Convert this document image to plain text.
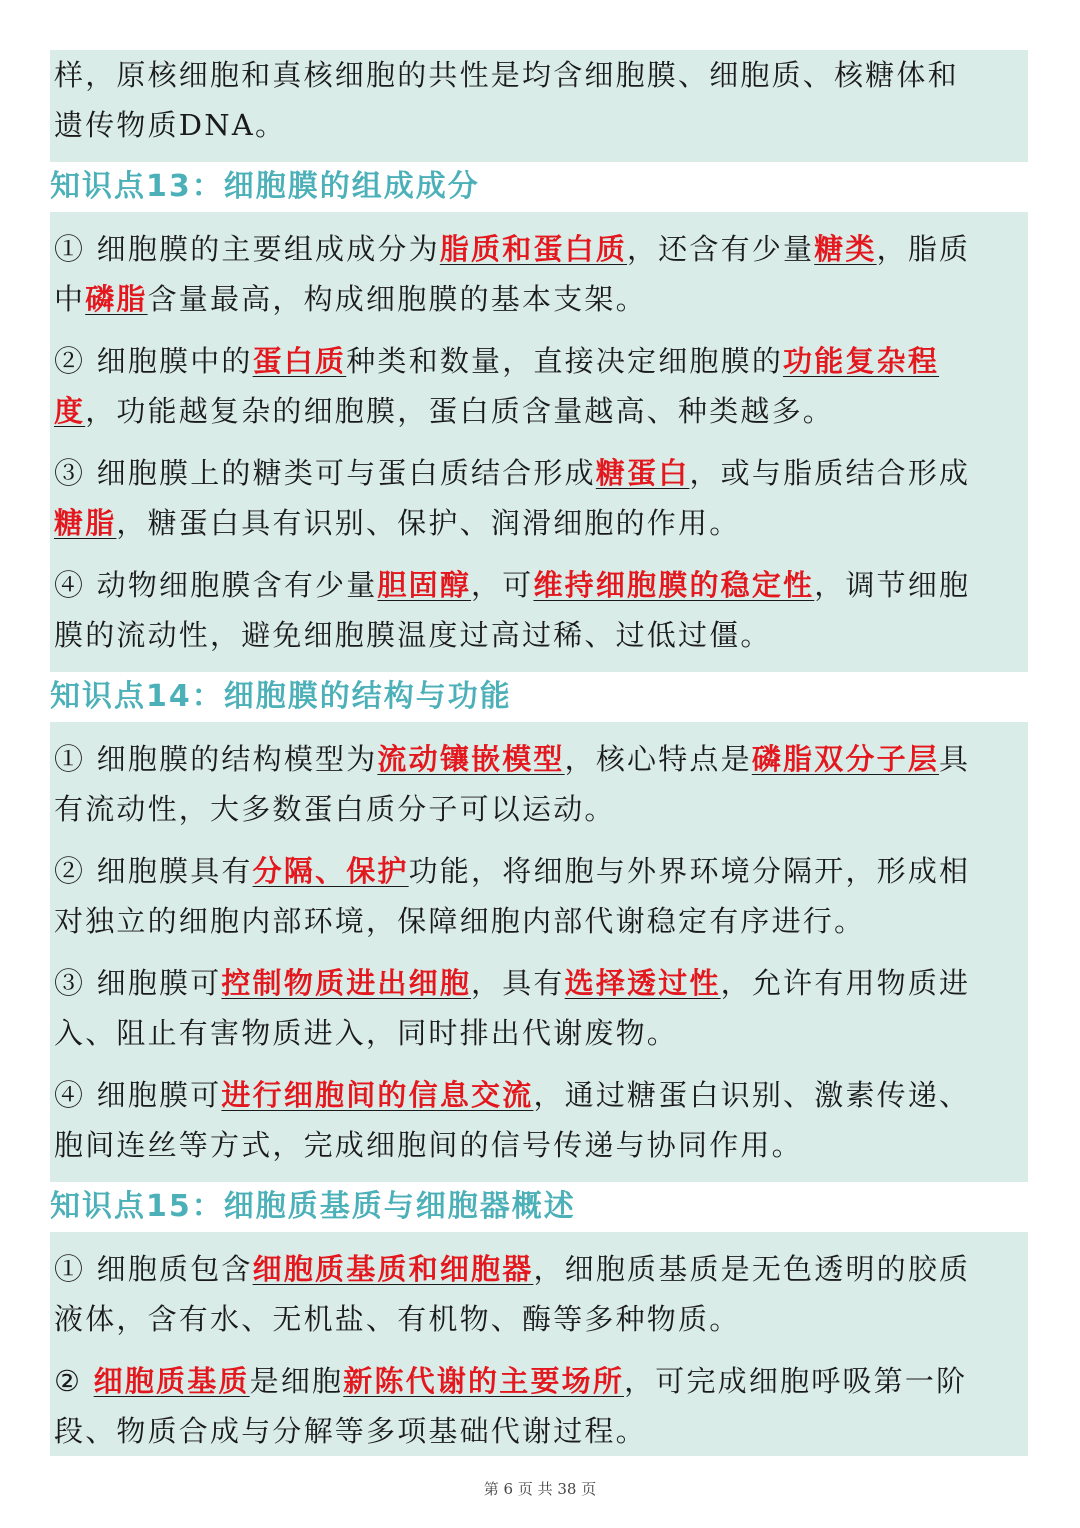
样，原核细胞和真核细胞的共性是均含细胞膜、细胞质、核糖体和
遗传物质DNA。
知识点13：细胞膜的组成成分
① 细胞膜的主要组成成分为脂质和蛋白质，还含有少量糖类，脂质
中磷脂含量最高，构成细胞膜的基本支架。
② 细胞膜中的蛋白质种类和数量，直接决定细胞膜的功能复杂程
度，功能越复杂的细胞膜，蛋白质含量越高、种类越多。
③ 细胞膜上的糖类可与蛋白质结合形成糖蛋白，或与脂质结合形成
糖脂，糖蛋白具有识别、保护、润滑细胞的作用。
④ 动物细胞膜含有少量胆固醇，可维持细胞膜的稳定性，调节细胞
膜的流动性，避免细胞膜温度过高过稀、过低过僵。
知识点14：细胞膜的结构与功能
① 细胞膜的结构模型为流动镶嵌模型，核心特点是磷脂双分子层具
有流动性，大多数蛋白质分子可以运动。
② 细胞膜具有分隔、保护功能，将细胞与外界环境分隔开，形成相
对独立的细胞内部环境，保障细胞内部代谢稳定有序进行。
③ 细胞膜可控制物质进出细胞，具有选择透过性，允许有用物质进
入、阻止有害物质进入，同时排出代谢废物。
④ 细胞膜可进行细胞间的信息交流，通过糖蛋白识别、激素传递、
胞间连丝等方式，完成细胞间的信号传递与协同作用。
知识点15：细胞质基质与细胞器概述
① 细胞质包含细胞质基质和细胞器，细胞质基质是无色透明的胶质
液体，含有水、无机盐、有机物、酶等多种物质。
② 细胞质基质是细胞新陈代谢的主要场所，可完成细胞呼吸第一阶
段、物质合成与分解等多项基础代谢过程。
第 6 页 共 38 页
